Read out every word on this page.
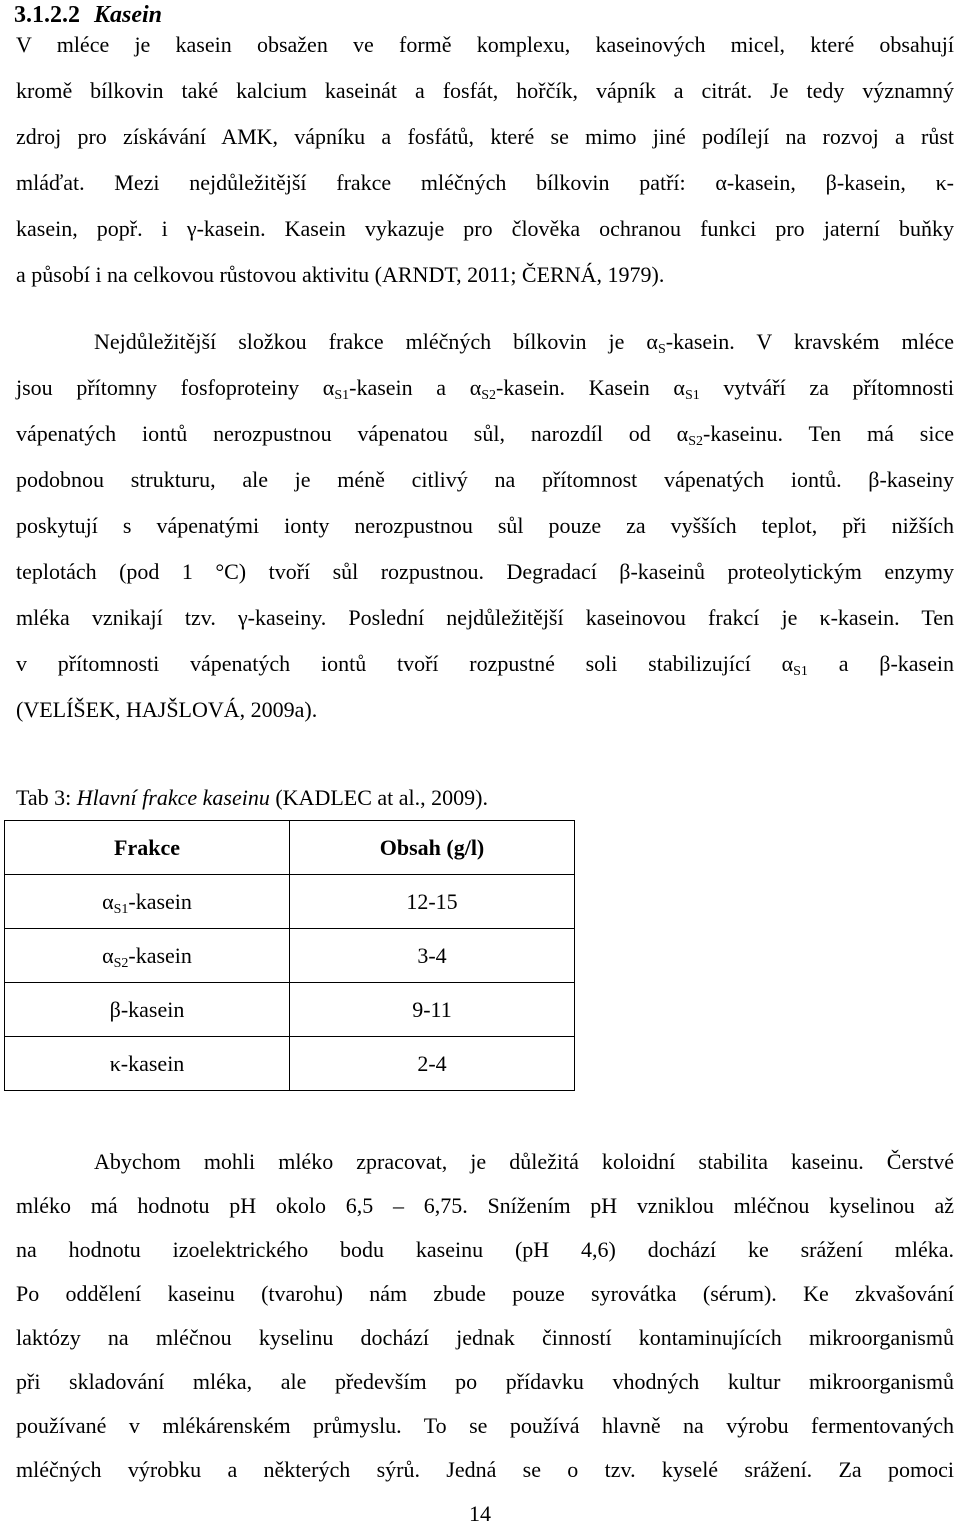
3.1.2.2 Kasein
V mléce je kasein obsažen ve formě komplexu, kaseinových micel, které obsahují
kromě bílkovin také kalcium kaseinát a fosfát, hořčík, vápník a citrát. Je tedy významný
zdroj pro získávání AMK, vápníku a fosfátů, které se mimo jiné podílejí na rozvoj a růst
mláďat. Mezi nejdůležitější frakce mléčných bílkovin patří: α-kasein, β-kasein, κ-
kasein, popř. i γ-kasein. Kasein vykazuje pro člověka ochranou funkci pro jaterní buňky
a působí i na celkovou růstovou aktivitu (ARNDT, 2011; ČERNÁ, 1979).
Nejdůležitější složkou frakce mléčných bílkovin je $\alpha_S$-kasein. V kravském mléce
jsou přítomny fosfoproteiny $\alpha_{S1}$-kasein a $\alpha_{S2}$-kasein. Kasein $\alpha_{S1}$ vytváří za přítomnosti
vápenatých iontů nerozpustnou vápenatou sůl, narozdíl od $\alpha_{S2}$-kaseinu. Ten má sice
podobnou strukturu, ale je méně citlivý na přítomnost vápenatých iontů. β-kaseiny
poskytují s vápenatými ionty nerozpustnou sůl pouze za vyšších teplot, při nižších
teplotách (pod 1 °C) tvoří sůl rozpustnou. Degradací β-kaseinů proteolytickým enzymy
mléka vznikají tzv. γ-kaseiny. Poslední nejdůležitější kaseinovou frakcí je κ-kasein. Ten
v přítomnosti vápenatých iontů tvoří rozpustné soli stabilizující $\alpha_{S1}$ a β-kasein
(VELÍŠEK, HAJŠLOVÁ, 2009a).
Tab 3: Hlavní frakce kaseinu (KADLEC at al., 2009).
Frakce	Obsah (g/l)
$\alpha_{S1}$-kasein	12-15
$\alpha_{S2}$-kasein	3-4
β-kasein	9-11
κ-kasein	2-4
Abychom mohli mléko zpracovat, je důležitá koloidní stabilita kaseinu. Čerstvé
mléko má hodnotu pH okolo 6,5 – 6,75. Snížením pH vzniklou mléčnou kyselinou až
na hodnotu izoelektrického bodu kaseinu (pH 4,6) dochází ke srážení mléka.
Po oddělení kaseinu (tvarohu) nám zbude pouze syrovátka (sérum). Ke zkvašování
laktózy na mléčnou kyselinu dochází jednak činností kontaminujících mikroorganismů
při skladování mléka, ale především po přídavku vhodných kultur mikroorganismů
používané v mlékárenském průmyslu. To se používá hlavně na výrobu fermentovaných
mléčných výrobku a některých sýrů. Jedná se o tzv. kyselé srážení. Za pomoci
14
